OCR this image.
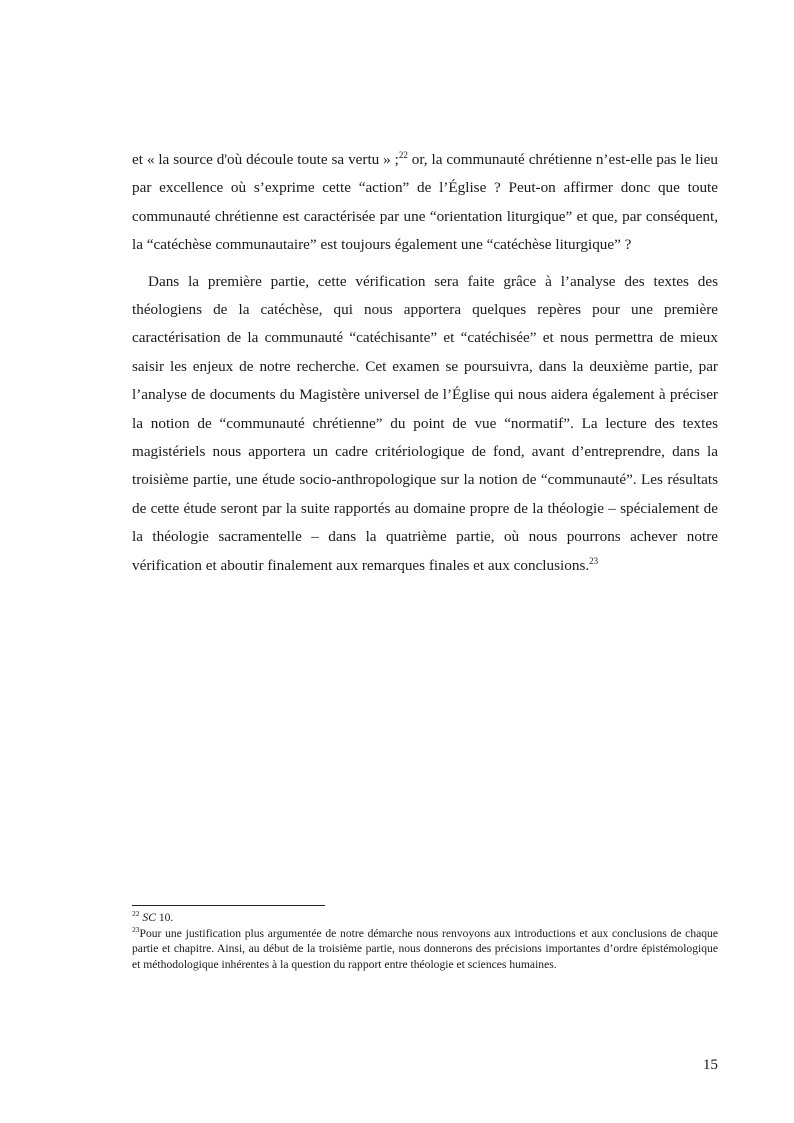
et « la source d'où découle toute sa vertu » ;$^{22}$ or, la communauté chrétienne n’est-elle pas le lieu par excellence où s’exprime cette “action” de l’Église ? Peut-on affirmer donc que toute communauté chrétienne est caractérisée par une “orientation liturgique” et que, par conséquent, la “catéchèse communautaire” est toujours également une “catéchèse liturgique” ?

Dans la première partie, cette vérification sera faite grâce à l’analyse des textes des théologiens de la catéchèse, qui nous apportera quelques repères pour une première caractérisation de la communauté “catéchisante” et “catéchisée” et nous permettra de mieux saisir les enjeux de notre recherche. Cet examen se poursuivra, dans la deuxième partie, par l’analyse de documents du Magistère universel de l’Église qui nous aidera également à préciser la notion de “communauté chrétienne” du point de vue “normatif”. La lecture des textes magistériels nous apportera un cadre critériologique de fond, avant d’entreprendre, dans la troisième partie, une étude socio-anthropologique sur la notion de “communauté”. Les résultats de cette étude seront par la suite rapportés au domaine propre de la théologie – spécialement de la théologie sacramentelle – dans la quatrième partie, où nous pourrons achever notre vérification et aboutir finalement aux remarques finales et aux conclusions.$^{23}$

$^{22}$ SC 10.

$^{23}$Pour une justification plus argumentée de notre démarche nous renvoyons aux introductions et aux conclusions de chaque partie et chapitre. Ainsi, au début de la troisième partie, nous donnerons des précisions importantes d’ordre épistémologique et méthodologique inhérentes à la question du rapport entre théologie et sciences humaines.

15
